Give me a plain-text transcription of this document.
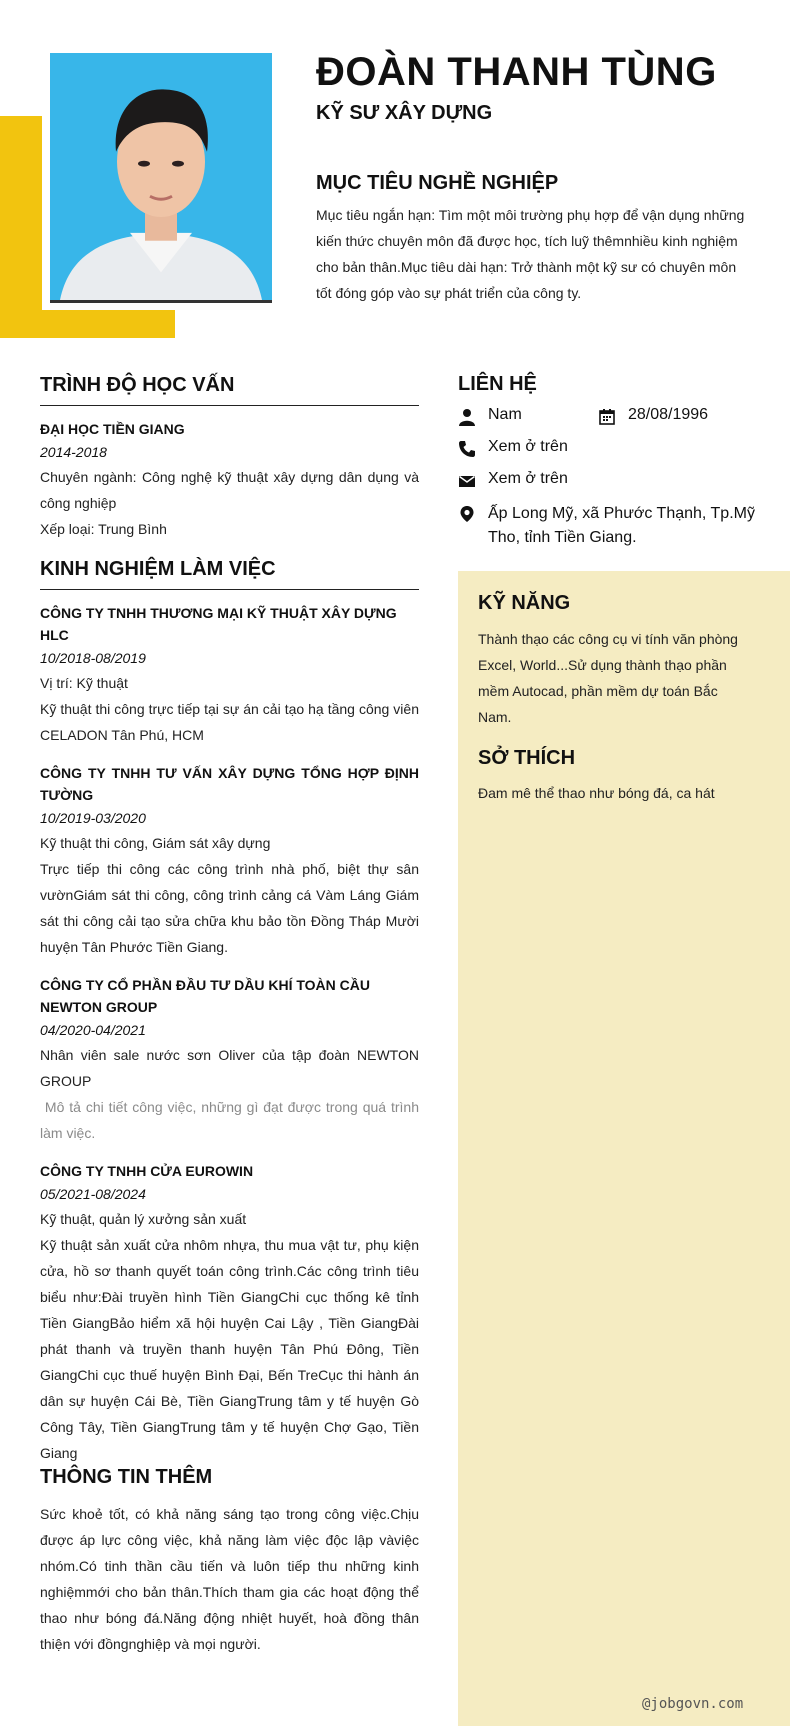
ĐOÀN THANH TÙNG
KỸ SƯ XÂY DỰNG
MỤC TIÊU NGHỀ NGHIỆP
Mục tiêu ngắn hạn: Tìm một môi trường phụ hợp để vận dụng những kiến thức chuyên môn đã được học, tích luỹ thêmnhiều kinh nghiệm cho bản thân.Mục tiêu dài hạn: Trở thành một kỹ sư có chuyên môn tốt đóng góp vào sự phát triển của công ty.
TRÌNH ĐỘ HỌC VẤN
ĐẠI HỌC TIỀN GIANG
2014-2018
Chuyên ngành: Công nghệ kỹ thuật xây dựng dân dụng và công nghiệp
Xếp loại: Trung Bình
KINH NGHIỆM LÀM VIỆC
CÔNG TY TNHH THƯƠNG MẠI KỸ THUẬT XÂY DỰNG HLC
10/2018-08/2019
Vị trí: Kỹ thuật
Kỹ thuật thi công trực tiếp tại sự án cải tạo hạ tầng công viên CELADON Tân Phú, HCM
CÔNG TY TNHH TƯ VẤN XÂY DỰNG TỔNG HỢP ĐỊNH TƯỜNG
10/2019-03/2020
Kỹ thuật thi công, Giám sát xây dựng
Trực tiếp thi công các công trình nhà phố, biệt thự sân vườnGiám sát thi công, công trình cảng cá Vàm Láng Giám sát thi công cải tạo sửa chữa khu bảo tồn Đồng Tháp Mười huyện Tân Phước Tiền Giang.
CÔNG TY CỔ PHẦN ĐẦU TƯ DẦU KHÍ TOÀN CẦU NEWTON GROUP
04/2020-04/2021
Nhân viên sale nước sơn Oliver của tập đoàn NEWTON GROUP
Mô tả chi tiết công việc, những gì đạt được trong quá trình làm việc.
CÔNG TY TNHH CỬA EUROWIN
05/2021-08/2024
Kỹ thuật, quản lý xưởng sản xuất
Kỹ thuật sản xuất cửa nhôm nhựa, thu mua vật tư, phụ kiện cửa, hồ sơ thanh quyết toán công trình.Các công trình tiêu biểu như:Đài truyền hình Tiền GiangChi cục thống kê tỉnh Tiền GiangBảo hiểm xã hội huyện Cai Lậy , Tiền GiangĐài phát thanh và truyền thanh huyện Tân Phú Đông, Tiền GiangChi cục thuế huyện Bình Đại, Bến TreCục thi hành án dân sự huyện Cái Bè, Tiền GiangTrung tâm y tế huyện Gò Công Tây, Tiền GiangTrung tâm y tế huyện Chợ Gạo, Tiền Giang
THÔNG TIN THÊM
Sức khoẻ tốt, có khả năng sáng tạo trong công việc.Chịu được áp lực công việc, khả năng làm việc độc lập vàviệc nhóm.Có tinh thần cầu tiến và luôn tiếp thu những kinh nghiệmmới cho bản thân.Thích tham gia các hoạt động thể thao như bóng đá.Năng động nhiệt huyết, hoà đồng thân thiện với đồngnghiệp và mọi người.
LIÊN HỆ
Nam	28/08/1996
Xem ở trên
Xem ở trên
Ấp Long Mỹ, xã Phước Thạnh, Tp.Mỹ Tho, tỉnh Tiền Giang.
KỸ NĂNG
Thành thạo các công cụ vi tính văn phòng Excel, World...Sử dụng thành thạo phần mềm Autocad, phần mềm dự toán Bắc Nam.
SỞ THÍCH
Đam mê thể thao như bóng đá, ca hát
@jobgovn.com
